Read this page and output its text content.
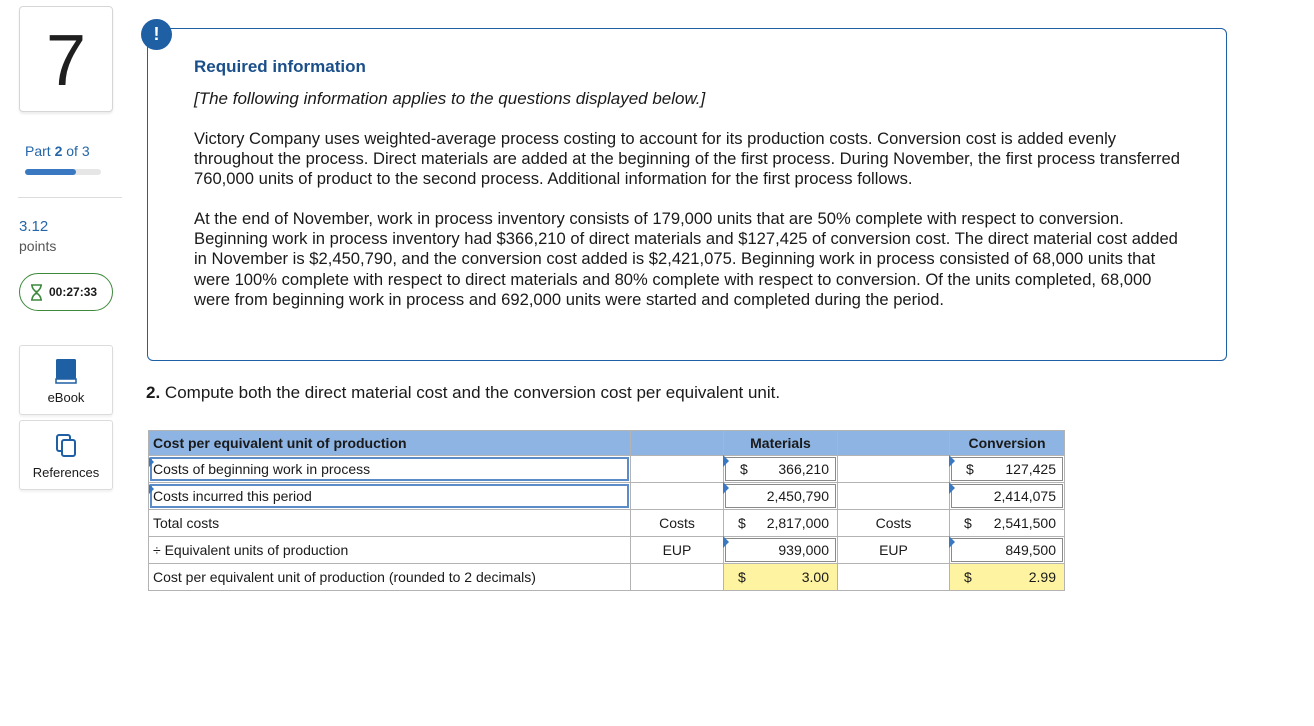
7
Part 2 of 3
3.12
points
00:27:33
eBook
References
!
Required information
[The following information applies to the questions displayed below.]
Victory Company uses weighted-average process costing to account for its production costs. Conversion cost is added evenly throughout the process. Direct materials are added at the beginning of the first process. During November, the first process transferred 760,000 units of product to the second process. Additional information for the first process follows.
At the end of November, work in process inventory consists of 179,000 units that are 50% complete with respect to conversion. Beginning work in process inventory had $366,210 of direct materials and $127,425 of conversion cost. The direct material cost added in November is $2,450,790, and the conversion cost added is $2,421,075. Beginning work in process consisted of 68,000 units that were 100% complete with respect to direct materials and 80% complete with respect to conversion. Of the units completed, 68,000 were from beginning work in process and 692,000 units were started and completed during the period.
2. Compute both the direct material cost and the conversion cost per equivalent unit.
Cost per equivalent unit of production		Materials		Conversion

Costs of beginning work in process		$ 366,210		$ 127,425

Costs incurred this period		2,450,790		2,414,075

Total costs	Costs	$ 2,817,000	Costs	$ 2,541,500

÷ Equivalent units of production	EUP	939,000	EUP	849,500

Cost per equivalent unit of production (rounded to 2 decimals)		$ 3.00		$ 2.99
